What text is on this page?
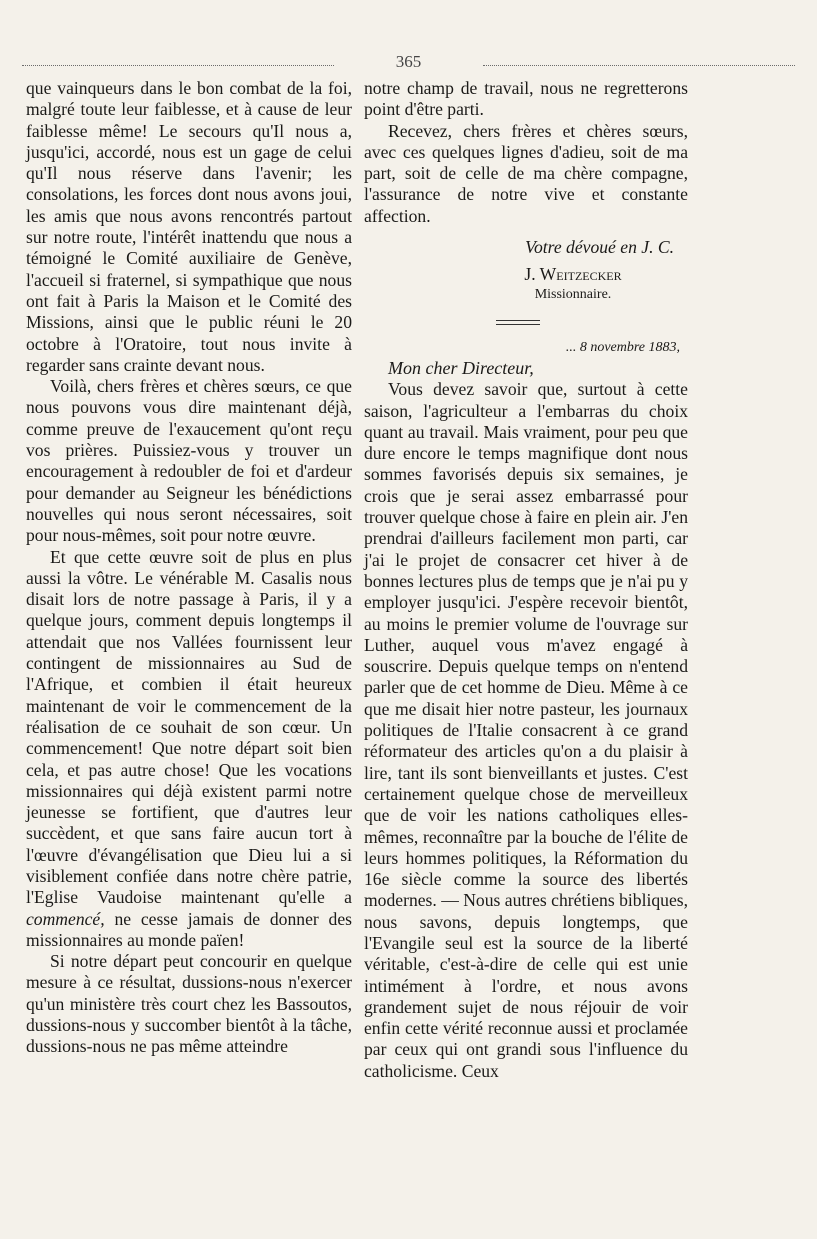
365

que vainqueurs dans le bon combat de la foi, malgré toute leur faiblesse, et à cause de leur faiblesse même! Le secours qu'Il nous a, jusqu'ici, accordé, nous est un gage de celui qu'Il nous réserve dans l'avenir; les consolations, les forces dont nous avons joui, les amis que nous avons rencontrés partout sur notre route, l'intérêt inattendu que nous a témoigné le Comité auxiliaire de Genève, l'accueil si fraternel, si sympathique que nous ont fait à Paris la Maison et le Comité des Missions, ainsi que le public réuni le 20 octobre à l'Oratoire, tout nous invite à regarder sans crainte devant nous.

Voilà, chers frères et chères sœurs, ce que nous pouvons vous dire maintenant déjà, comme preuve de l'exaucement qu'ont reçu vos prières. Puissiez-vous y trouver un encouragement à redoubler de foi et d'ardeur pour demander au Seigneur les bénédictions nouvelles qui nous seront nécessaires, soit pour nous-mêmes, soit pour notre œuvre.

Et que cette œuvre soit de plus en plus aussi la vôtre. Le vénérable M. Casalis nous disait lors de notre passage à Paris, il y a quelque jours, comment depuis longtemps il attendait que nos Vallées fournissent leur contingent de missionnaires au Sud de l'Afrique, et combien il était heureux maintenant de voir le commencement de la réalisation de ce souhait de son cœur. Un commencement! Que notre départ soit bien cela, et pas autre chose! Que les vocations missionnaires qui déjà existent parmi notre jeunesse se fortifient, que d'autres leur succèdent, et que sans faire aucun tort à l'œuvre d'évangélisation que Dieu lui a si visiblement confiée dans notre chère patrie, l'Eglise Vaudoise maintenant qu'elle a commencé, ne cesse jamais de donner des missionnaires au monde païen!

Si notre départ peut concourir en quelque mesure à ce résultat, dussions-nous n'exercer qu'un ministère très court chez les Bassoutos, dussions-nous y succomber bientôt à la tâche, dussions-nous ne pas même atteindre

notre champ de travail, nous ne regretterons point d'être parti.

Recevez, chers frères et chères sœurs, avec ces quelques lignes d'adieu, soit de ma part, soit de celle de ma chère compagne, l'assurance de notre vive et constante affection.

Votre dévoué en J. C.

J. Weitzecker

Missionnaire.

... 8 novembre 1883,

Mon cher Directeur,

Vous devez savoir que, surtout à cette saison, l'agriculteur a l'embarras du choix quant au travail. Mais vraiment, pour peu que dure encore le temps magnifique dont nous sommes favorisés depuis six semaines, je crois que je serai assez embarrassé pour trouver quelque chose à faire en plein air. J'en prendrai d'ailleurs facilement mon parti, car j'ai le projet de consacrer cet hiver à de bonnes lectures plus de temps que je n'ai pu y employer jusqu'ici. J'espère recevoir bientôt, au moins le premier volume de l'ouvrage sur Luther, auquel vous m'avez engagé à souscrire. Depuis quelque temps on n'entend parler que de cet homme de Dieu. Même à ce que me disait hier notre pasteur, les journaux politiques de l'Italie consacrent à ce grand réformateur des articles qu'on a du plaisir à lire, tant ils sont bienveillants et justes. C'est certainement quelque chose de merveilleux que de voir les nations catholiques elles-mêmes, reconnaître par la bouche de l'élite de leurs hommes politiques, la Réformation du 16e siècle comme la source des libertés modernes. — Nous autres chrétiens bibliques, nous savons, depuis longtemps, que l'Evangile seul est la source de la liberté véritable, c'est-à-dire de celle qui est unie intimément à l'ordre, et nous avons grandement sujet de nous réjouir de voir enfin cette vérité reconnue aussi et proclamée par ceux qui ont grandi sous l'influence du catholicisme. Ceux
